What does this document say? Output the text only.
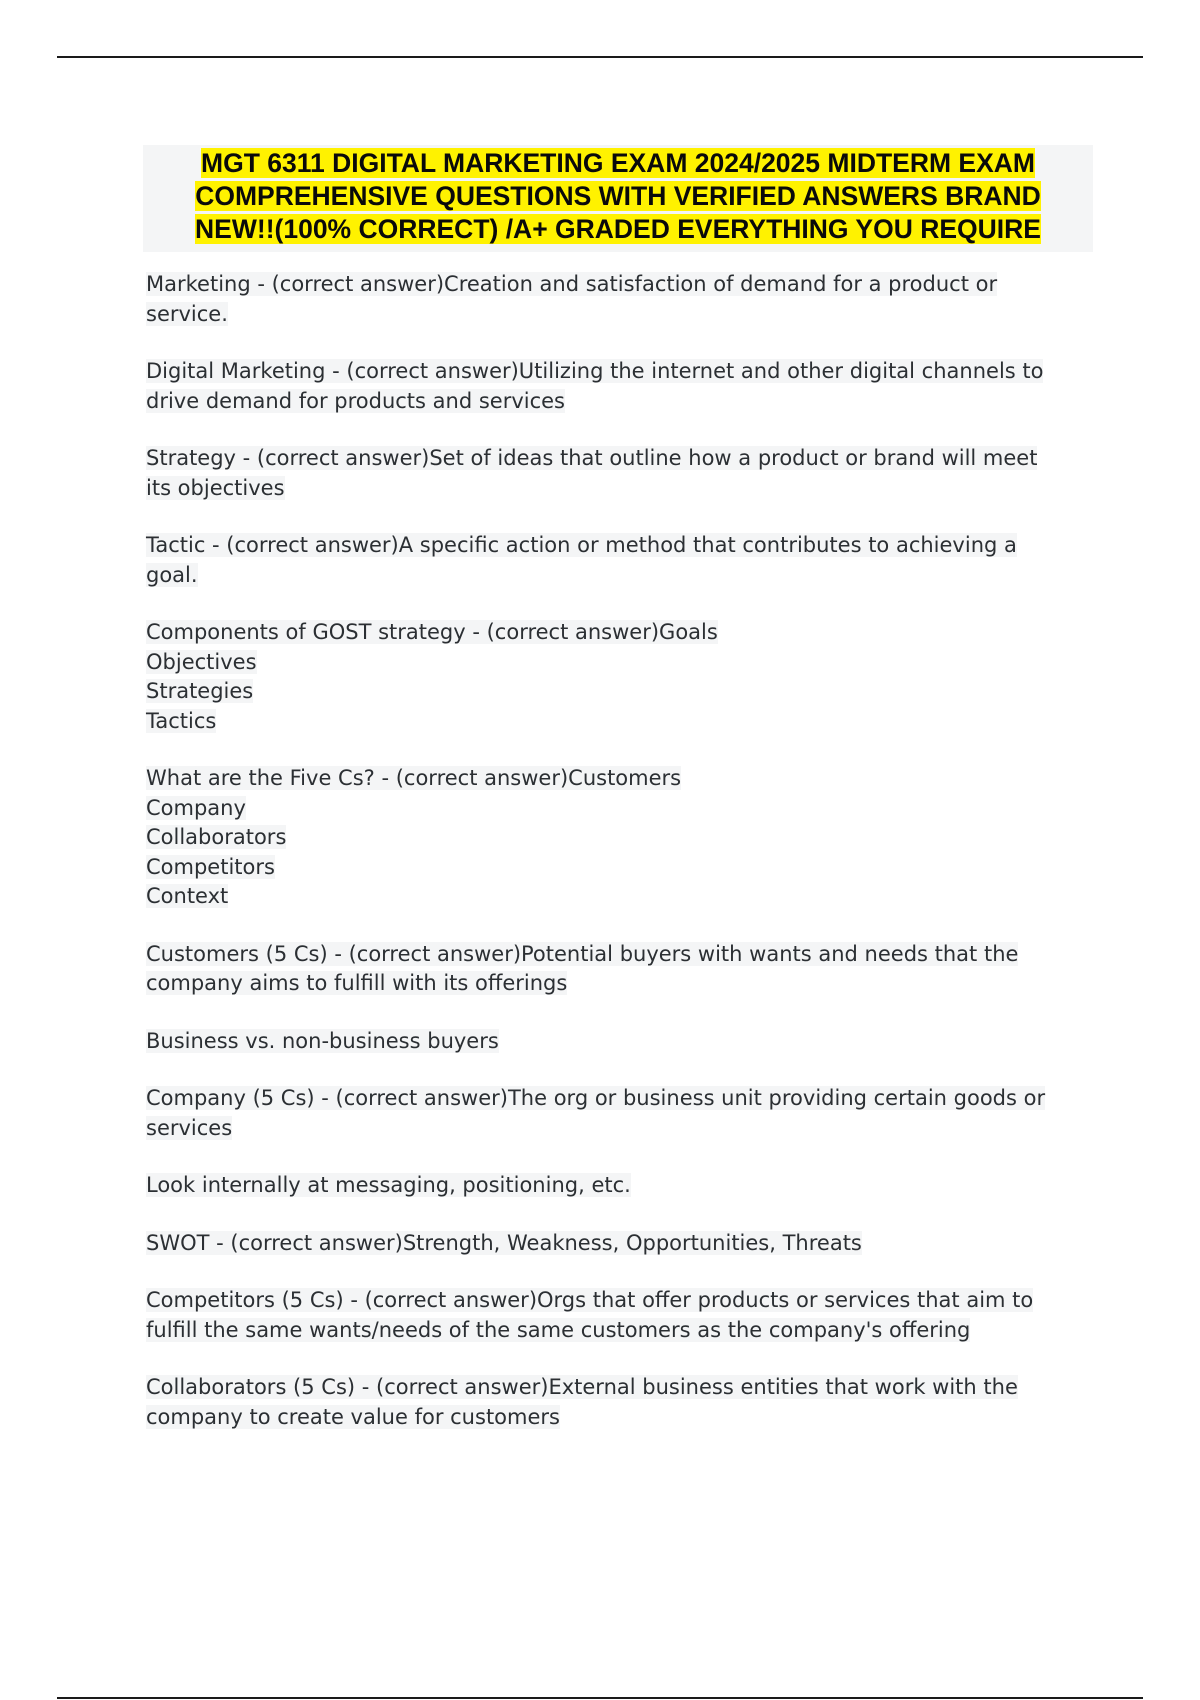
MGT 6311 DIGITAL MARKETING EXAM 2024/2025 MIDTERM EXAM
COMPREHENSIVE QUESTIONS WITH VERIFIED ANSWERS BRAND
NEW!!(100% CORRECT) /A+ GRADED EVERYTHING YOU REQUIRE
Marketing - (correct answer)Creation and satisfaction of demand for a product or
service.
Digital Marketing - (correct answer)Utilizing the internet and other digital channels to
drive demand for products and services
Strategy - (correct answer)Set of ideas that outline how a product or brand will meet
its objectives
Tactic - (correct answer)A specific action or method that contributes to achieving a
goal.
Components of GOST strategy - (correct answer)Goals
Objectives
Strategies
Tactics
What are the Five Cs? - (correct answer)Customers
Company
Collaborators
Competitors
Context
Customers (5 Cs) - (correct answer)Potential buyers with wants and needs that the
company aims to fulfill with its offerings
Business vs. non-business buyers
Company (5 Cs) - (correct answer)The org or business unit providing certain goods or
services
Look internally at messaging, positioning, etc.
SWOT - (correct answer)Strength, Weakness, Opportunities, Threats
Competitors (5 Cs) - (correct answer)Orgs that offer products or services that aim to
fulfill the same wants/needs of the same customers as the company's offering
Collaborators (5 Cs) - (correct answer)External business entities that work with the
company to create value for customers
